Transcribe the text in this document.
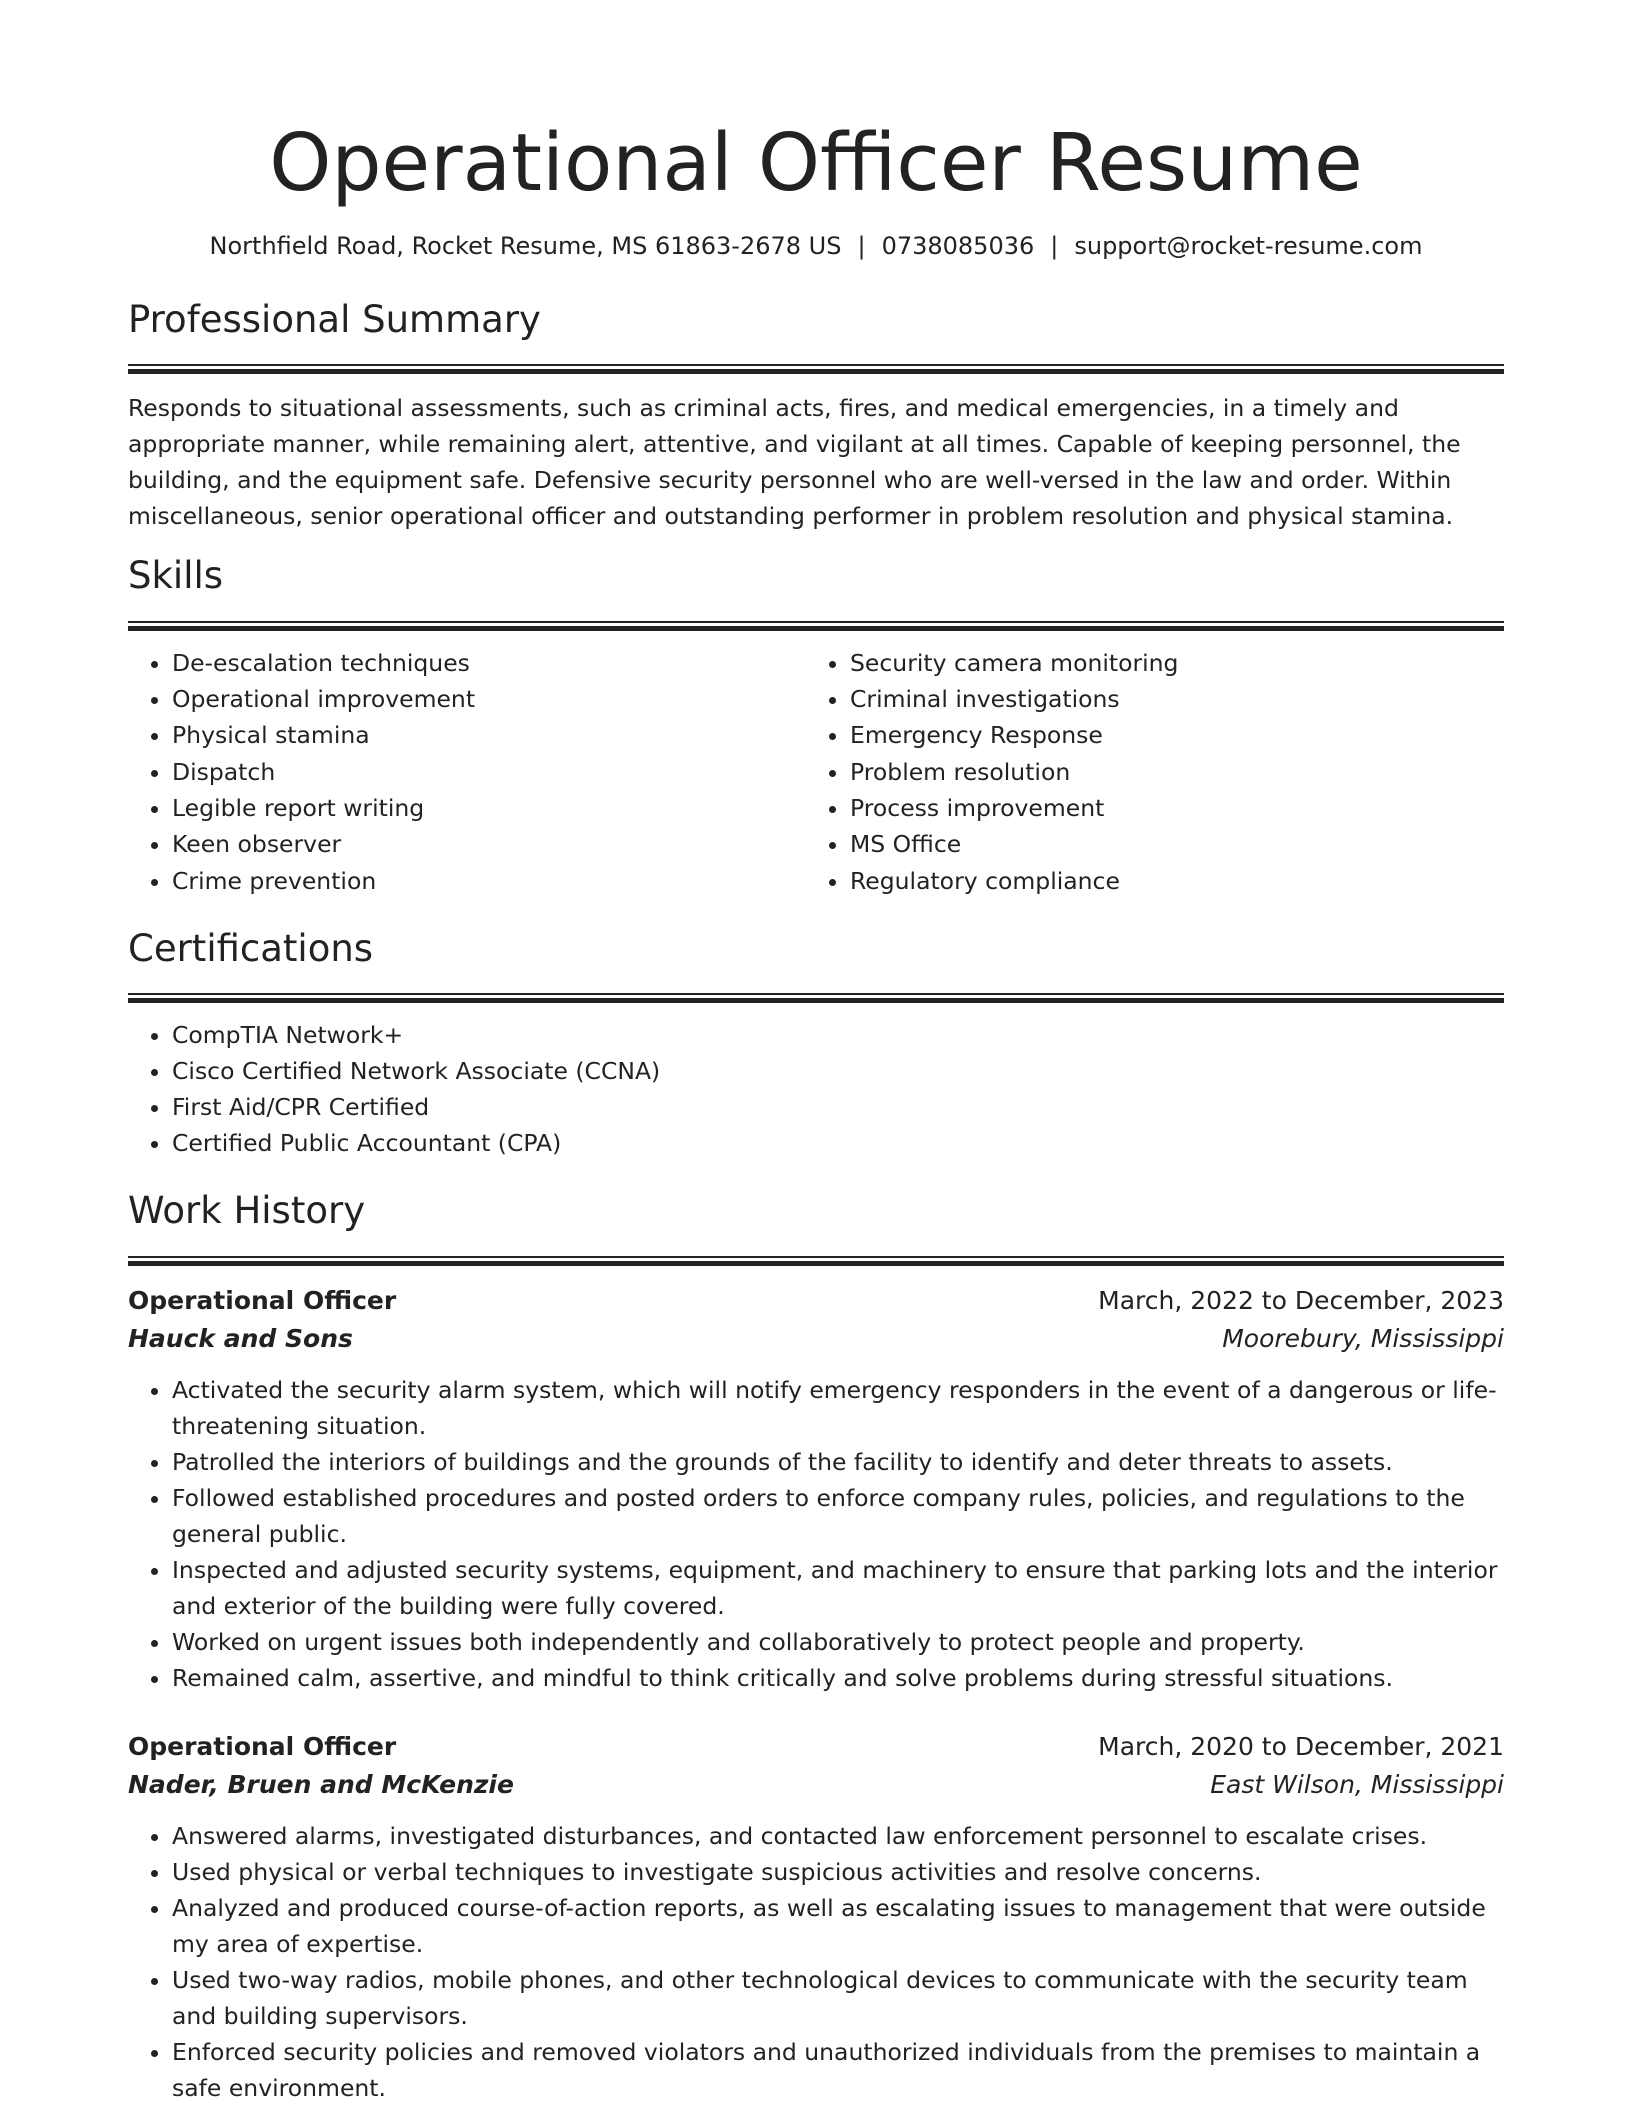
Operational Officer Resume
Northfield Road, Rocket Resume, MS 61863-2678 US | 0738085036 | support@rocket-resume.com
Professional Summary

Responds to situational assessments, such as criminal acts, fires, and medical emergencies, in a timely and appropriate manner, while remaining alert, attentive, and vigilant at all times. Capable of keeping personnel, the building, and the equipment safe. Defensive security personnel who are well-versed in the law and order. Within miscellaneous, senior operational officer and outstanding performer in problem resolution and physical stamina.

Skills
• De-escalation techniques
• Operational improvement
• Physical stamina
• Dispatch
• Legible report writing
• Keen observer
• Crime prevention
• Security camera monitoring
• Criminal investigations
• Emergency Response
• Problem resolution
• Process improvement
• MS Office
• Regulatory compliance
Certifications
• CompTIA Network+
• Cisco Certified Network Associate (CCNA)
• First Aid/CPR Certified
• Certified Public Accountant (CPA)
Work History
Operational Officer	March, 2022 to December, 2023
Hauck and Sons	Moorebury, Mississippi
• Activated the security alarm system, which will notify emergency responders in the event of a dangerous or life-threatening situation.
• Patrolled the interiors of buildings and the grounds of the facility to identify and deter threats to assets.
• Followed established procedures and posted orders to enforce company rules, policies, and regulations to the general public.
• Inspected and adjusted security systems, equipment, and machinery to ensure that parking lots and the interior and exterior of the building were fully covered.
• Worked on urgent issues both independently and collaboratively to protect people and property.
• Remained calm, assertive, and mindful to think critically and solve problems during stressful situations.
Operational Officer	March, 2020 to December, 2021
Nader, Bruen and McKenzie	East Wilson, Mississippi
• Answered alarms, investigated disturbances, and contacted law enforcement personnel to escalate crises.
• Used physical or verbal techniques to investigate suspicious activities and resolve concerns.
• Analyzed and produced course-of-action reports, as well as escalating issues to management that were outside my area of expertise.
• Used two-way radios, mobile phones, and other technological devices to communicate with the security team and building supervisors.
• Enforced security policies and removed violators and unauthorized individuals from the premises to maintain a safe environment.
